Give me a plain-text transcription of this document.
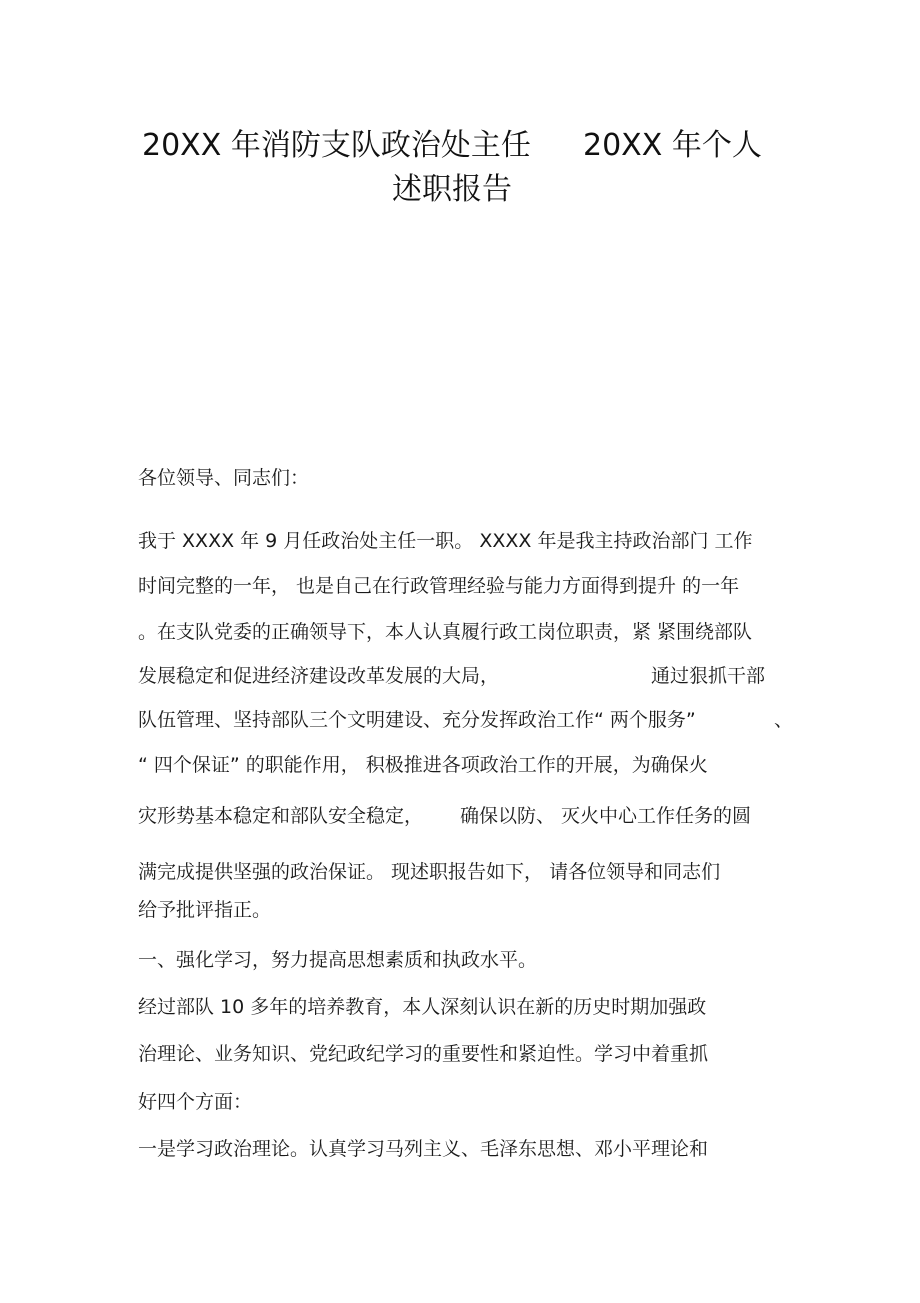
20XX 年消防支队政治处主任 20XX 年个人
述职报告
各位领导、同志们：
我于 XXXX 年 9 月任政治处主任一职。 XXXX 年是我主持政治部门 工作
时间完整的一年， 也是自己在行政管理经验与能力方面得到提升 的一年
。在支队党委的正确领导下，本人认真履行政工岗位职责，紧 紧围绕部队
发展稳定和促进经济建设改革发展的大局，	通过狠抓干部
队伍管理、坚持部队三个文明建设、充分发挥政治工作“ 两个服务”	、
“ 四个保证” 的职能作用， 积极推进各项政治工作的开展，为确保火
灾形势基本稳定和部队安全稳定， 确保以防、 灭火中心工作任务的圆
满完成提供坚强的政治保证。 现述职报告如下， 请各位领导和同志们
给予批评指正。
一、强化学习，努力提高思想素质和执政水平。
经过部队 10 多年的培养教育，本人深刻认识在新的历史时期加强政
治理论、业务知识、党纪政纪学习的重要性和紧迫性。学习中着重抓
好四个方面：
一是学习政治理论。认真学习马列主义、毛泽东思想、邓小平理论和
